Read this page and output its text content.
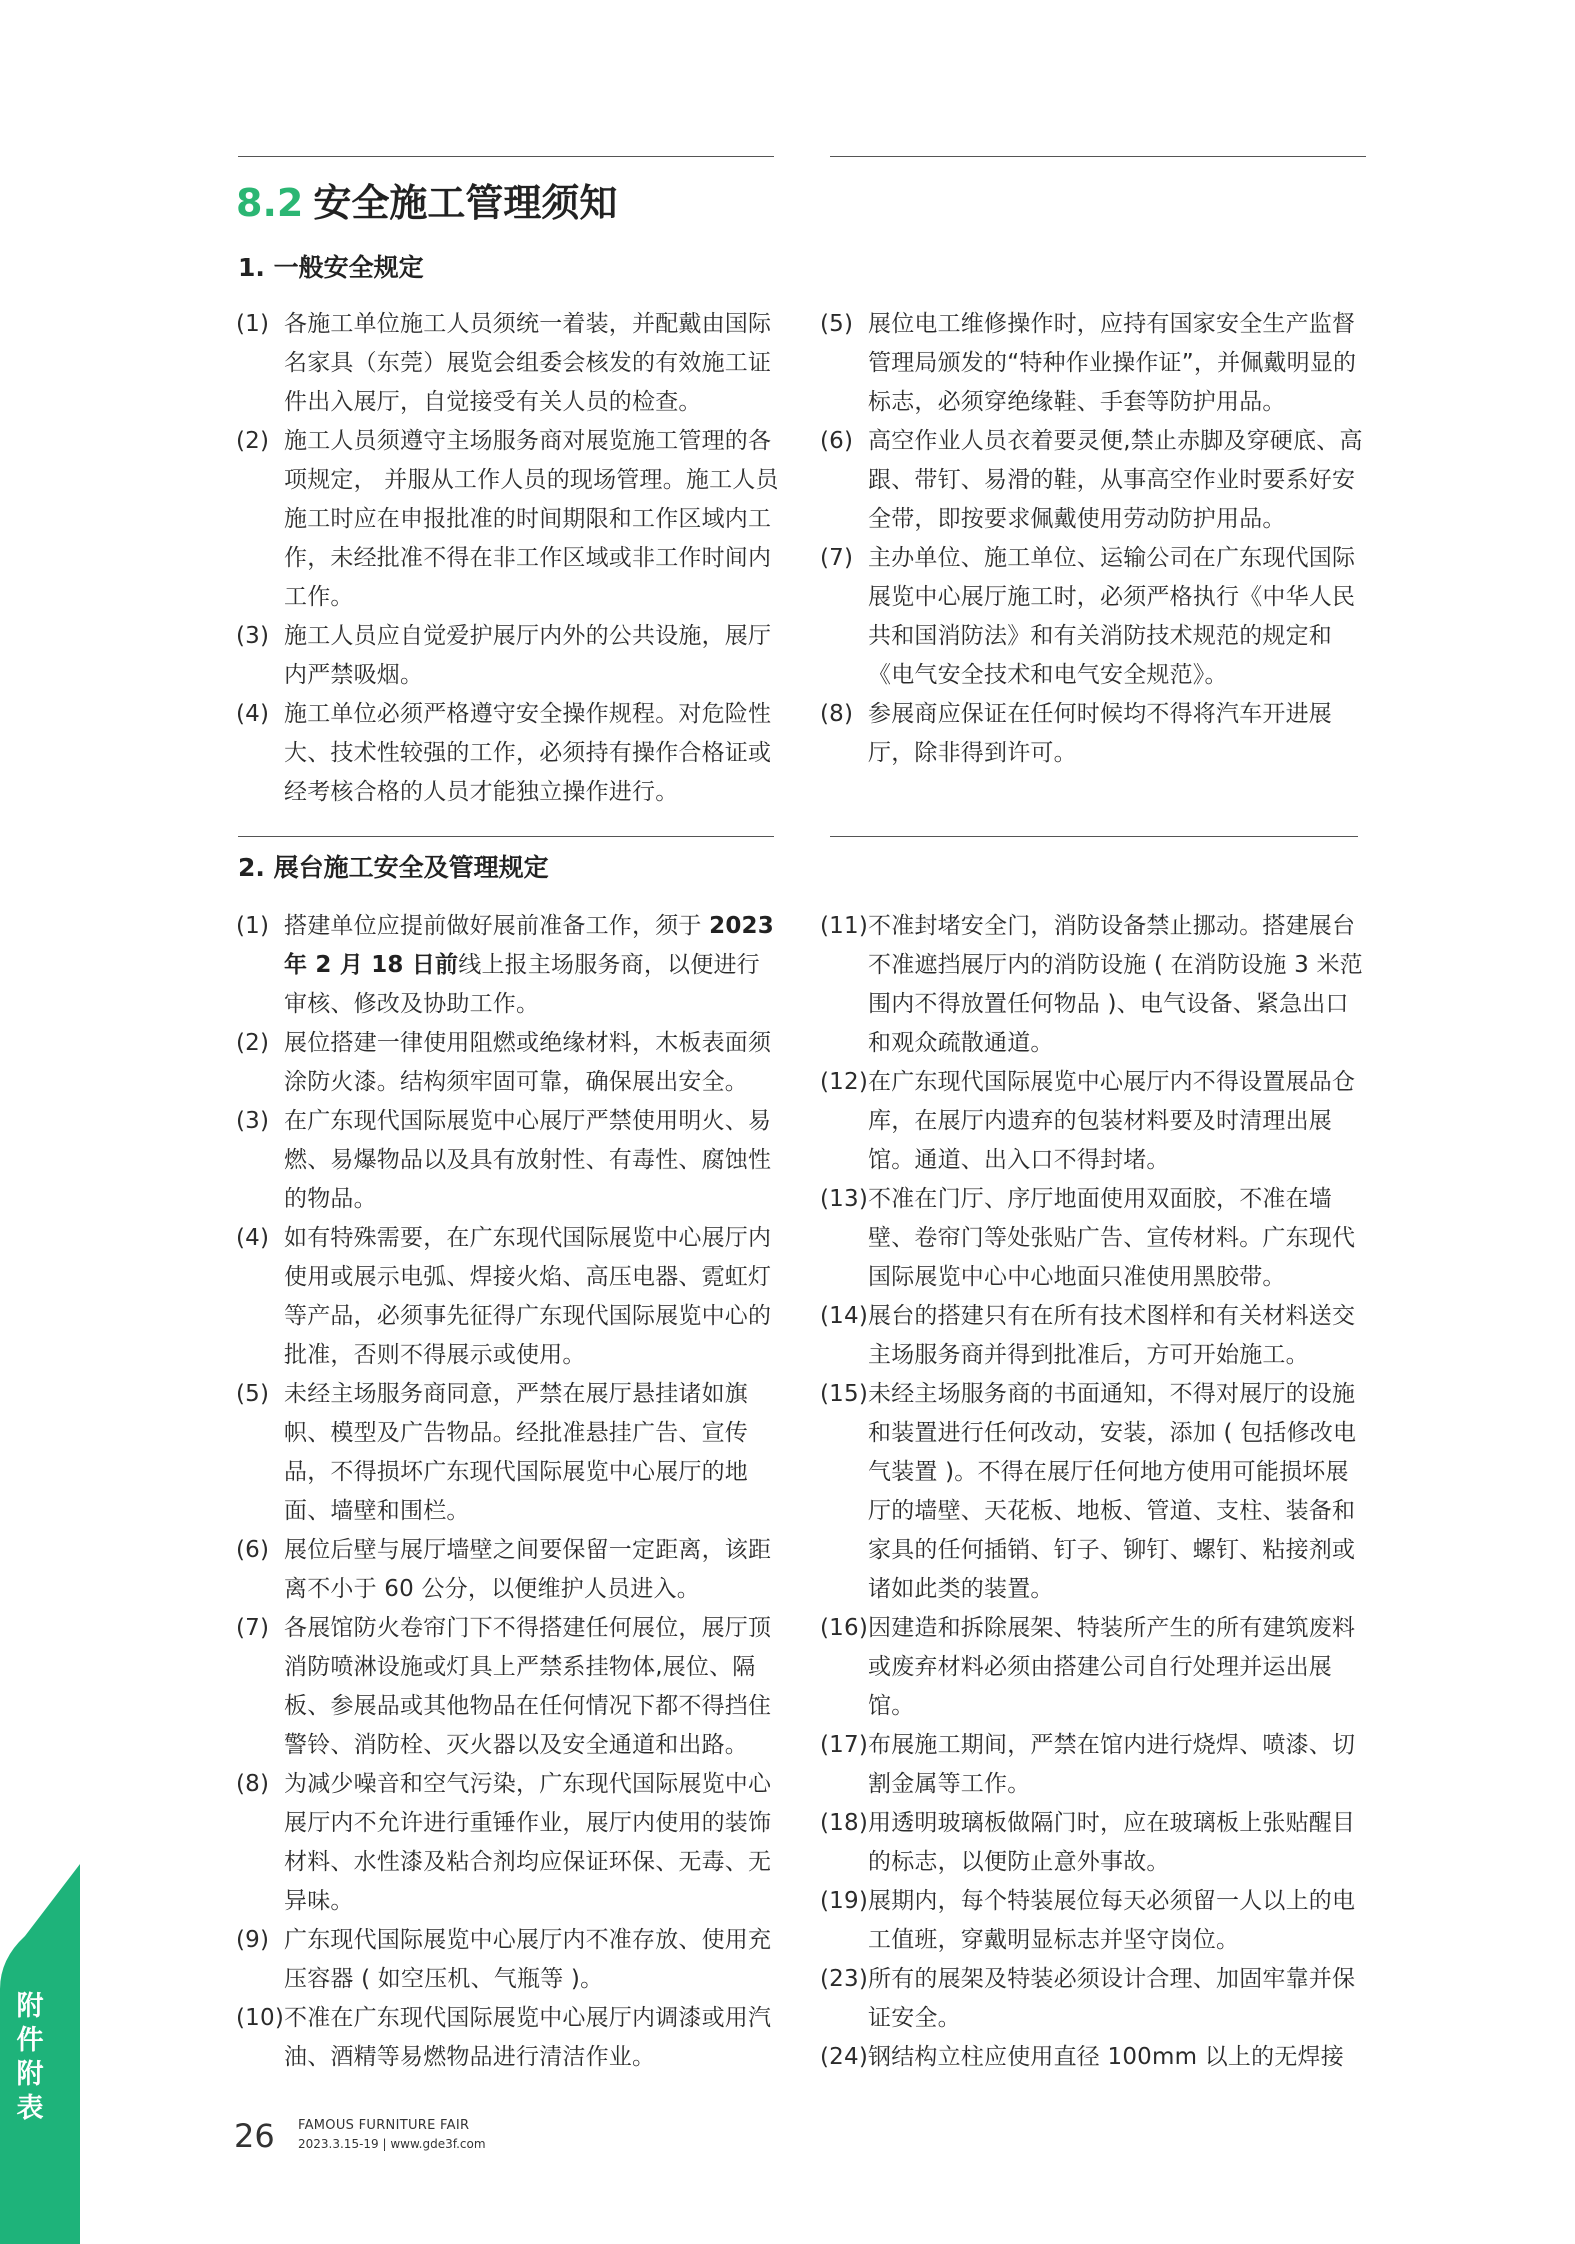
8.2 安全施工管理须知
1. 一般安全规定
(1) 各施工单位施工人员须统一着装，并配戴由国际名家具（东莞）展览会组委会核发的有效施工证件出入展厅，自觉接受有关人员的检查。
(2) 施工人员须遵守主场服务商对展览施工管理的各项规定， 并服从工作人员的现场管理。施工人员施工时应在申报批准的时间期限和工作区域内工作，未经批准不得在非工作区域或非工作时间内工作。
(3) 施工人员应自觉爱护展厅内外的公共设施，展厅内严禁吸烟。
(4) 施工单位必须严格遵守安全操作规程。对危险性大、技术性较强的工作，必须持有操作合格证或经考核合格的人员才能独立操作进行。
(5) 展位电工维修操作时，应持有国家安全生产监督管理局颁发的“特种作业操作证”，并佩戴明显的标志，必须穿绝缘鞋、手套等防护用品。
(6) 高空作业人员衣着要灵便,禁止赤脚及穿硬底、高跟、带钉、易滑的鞋，从事高空作业时要系好安全带，即按要求佩戴使用劳动防护用品。
(7) 主办单位、施工单位、运输公司在广东现代国际展览中心展厅施工时，必须严格执行《中华人民共和国消防法》和有关消防技术规范的规定和《电气安全技术和电气安全规范》。
(8) 参展商应保证在任何时候均不得将汽车开进展厅，除非得到许可。
2. 展台施工安全及管理规定
(1) 搭建单位应提前做好展前准备工作，须于 2023 年 2 月 18 日前线上报主场服务商，以便进行审核、修改及协助工作。
(2) 展位搭建一律使用阻燃或绝缘材料，木板表面须涂防火漆。结构须牢固可靠，确保展出安全。
(3) 在广东现代国际展览中心展厅严禁使用明火、易燃、易爆物品以及具有放射性、有毒性、腐蚀性的物品。
(4) 如有特殊需要，在广东现代国际展览中心展厅内使用或展示电弧、焊接火焰、高压电器、霓虹灯等产品，必须事先征得广东现代国际展览中心的批准，否则不得展示或使用。
(5) 未经主场服务商同意，严禁在展厅悬挂诸如旗帜、模型及广告物品。经批准悬挂广告、宣传品，不得损坏广东现代国际展览中心展厅的地面、墙壁和围栏。
(6) 展位后壁与展厅墙壁之间要保留一定距离，该距离不小于 60 公分，以便维护人员进入。
(7) 各展馆防火卷帘门下不得搭建任何展位，展厅顶消防喷淋设施或灯具上严禁系挂物体,展位、隔板、参展品或其他物品在任何情况下都不得挡住警铃、消防栓、灭火器以及安全通道和出路。
(8) 为减少噪音和空气污染，广东现代国际展览中心展厅内不允许进行重锤作业，展厅内使用的装饰材料、水性漆及粘合剂均应保证环保、无毒、无异味。
(9) 广东现代国际展览中心展厅内不准存放、使用充压容器 ( 如空压机、气瓶等 )。
(10) 不准在广东现代国际展览中心展厅内调漆或用汽油、酒精等易燃物品进行清洁作业。
(11) 不准封堵安全门，消防设备禁止挪动。搭建展台不准遮挡展厅内的消防设施 ( 在消防设施 3 米范围内不得放置任何物品 )、电气设备、紧急出口和观众疏散通道。
(12) 在广东现代国际展览中心展厅内不得设置展品仓库，在展厅内遗弃的包装材料要及时清理出展馆。通道、出入口不得封堵。
(13) 不准在门厅、序厅地面使用双面胶，不准在墙壁、卷帘门等处张贴广告、宣传材料。广东现代国际展览中心中心地面只准使用黑胶带。
(14) 展台的搭建只有在所有技术图样和有关材料送交主场服务商并得到批准后，方可开始施工。
(15) 未经主场服务商的书面通知，不得对展厅的设施和装置进行任何改动，安装，添加 ( 包括修改电气装置 )。不得在展厅任何地方使用可能损坏展厅的墙壁、天花板、地板、管道、支柱、装备和家具的任何插销、钉子、铆钉、螺钉、粘接剂或诸如此类的装置。
(16) 因建造和拆除展架、特装所产生的所有建筑废料或废弃材料必须由搭建公司自行处理并运出展馆。
(17) 布展施工期间，严禁在馆内进行烧焊、喷漆、切割金属等工作。
(18) 用透明玻璃板做隔门时，应在玻璃板上张贴醒目的标志，以便防止意外事故。
(19) 展期内，每个特装展位每天必须留一人以上的电工值班，穿戴明显标志并坚守岗位。
(23) 所有的展架及特装必须设计合理、加固牢靠并保证安全。
(24) 钢结构立柱应使用直径 100mm 以上的无焊接
附件附表
26 FAMOUS FURNITURE FAIR
2023.3.15-19 | www.gde3f.com
